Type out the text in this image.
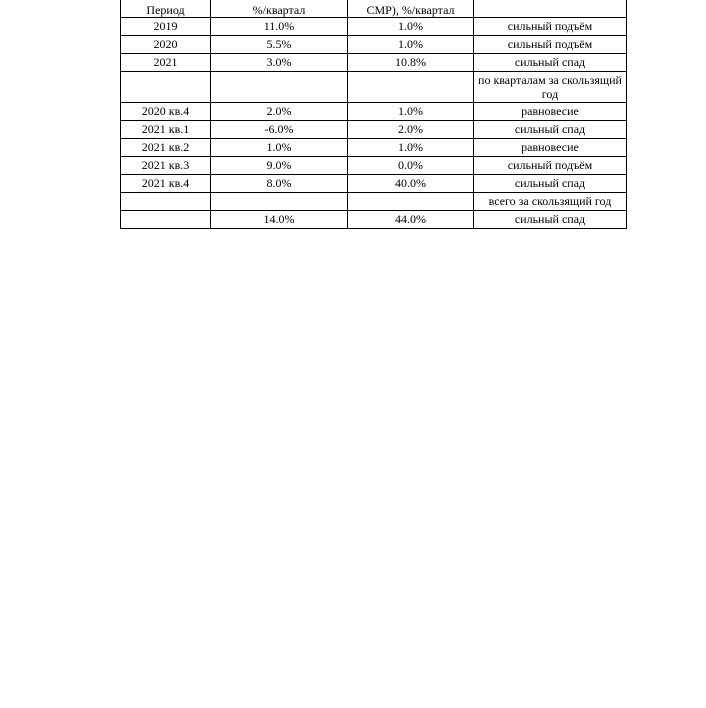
Период	%/квартал	СМР), %/квартал	
2019	11.0%	1.0%	сильный подъём
2020	5.5%	1.0%	сильный подъём
2021	3.0%	10.8%	сильный спад
			по кварталам за скользящий год
2020 кв.4	2.0%	1.0%	равновесие
2021 кв.1	-6.0%	2.0%	сильный спад
2021 кв.2	1.0%	1.0%	равновесие
2021 кв.3	9.0%	0.0%	сильный подъём
2021 кв.4	8.0%	40.0%	сильный спад
			всего за скользящий год
	14.0%	44.0%	сильный спад
